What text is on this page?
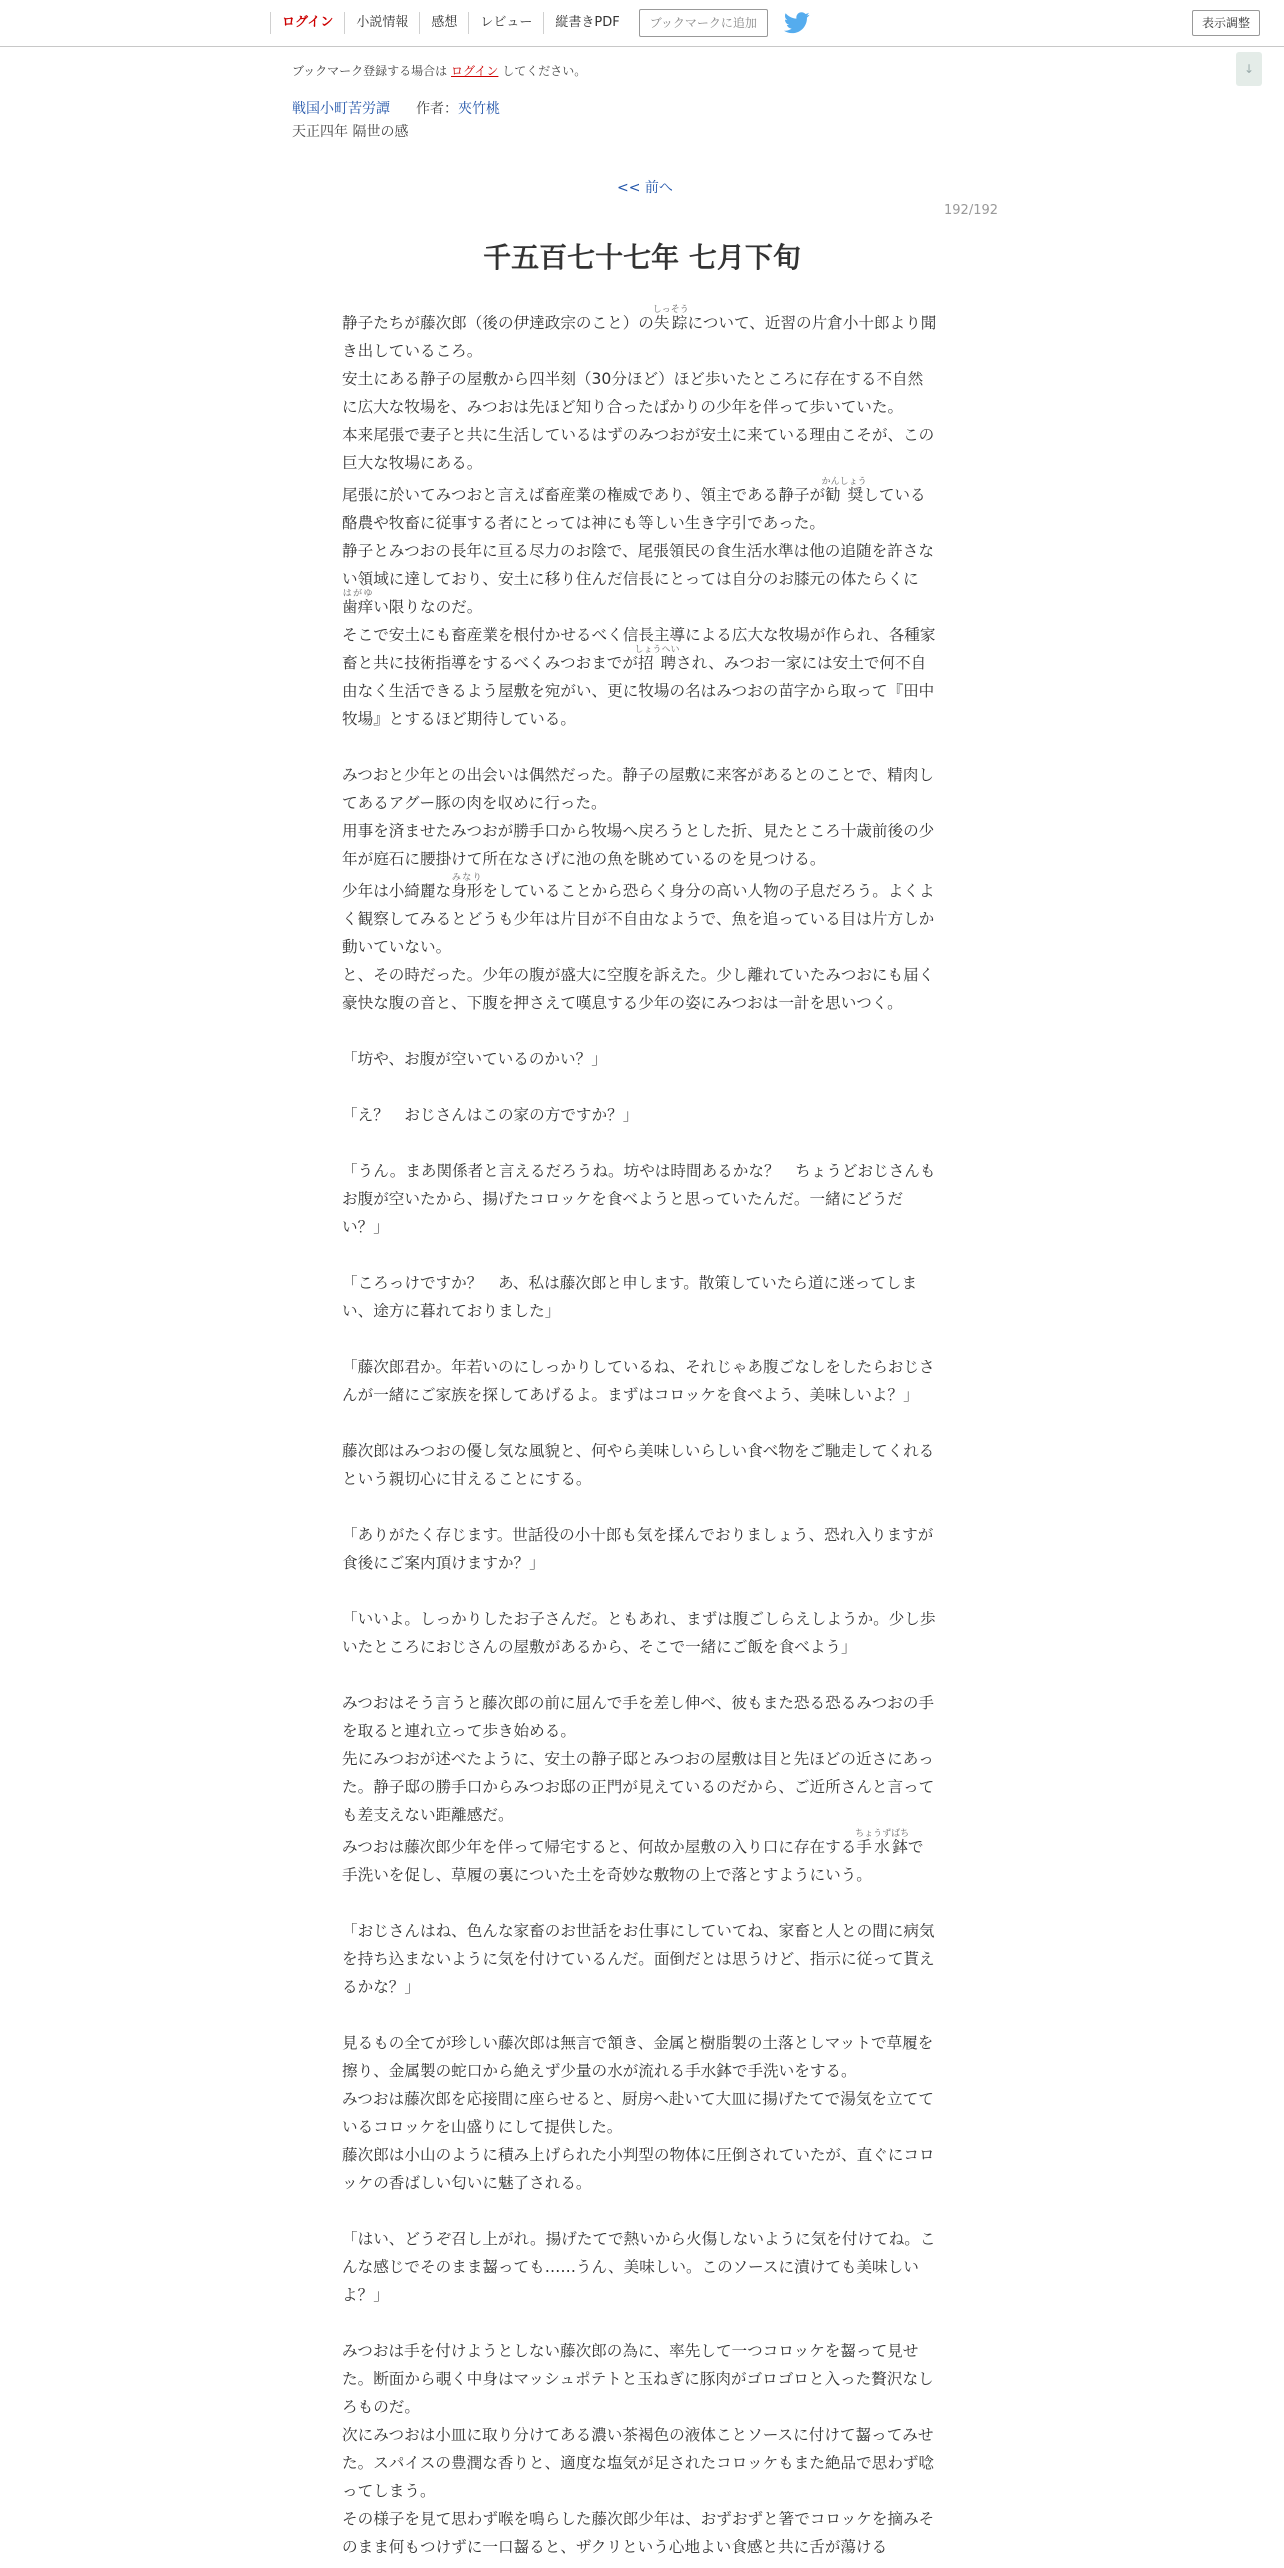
ログイン	小説情報	感想	レビュー	縦書きPDF	ブックマークに追加	表示調整
↓
ブックマーク登録する場合は ログイン してください。
戦国小町苦労譚 作者：夾竹桃
天正四年 隔世の感
<< 前へ
192/192
千五百七十七年 七月下旬

静子たちが藤次郎（後の伊達政宗のこと）の失踪しっそうについて、近習の片倉小十郎より聞き出しているころ。

安土にある静子の屋敷から四半刻（30分ほど）ほど歩いたところに存在する不自然に広大な牧場を、みつおは先ほど知り合ったばかりの少年を伴って歩いていた。

本来尾張で妻子と共に生活しているはずのみつおが安土に来ている理由こそが、この巨大な牧場にある。

尾張に於いてみつおと言えば畜産業の権威であり、領主である静子が勧奨かんしょうしている酪農や牧畜に従事する者にとっては神にも等しい生き字引であった。

静子とみつおの長年に亘る尽力のお陰で、尾張領民の食生活水準は他の追随を許さない領域に達しており、安土に移り住んだ信長にとっては自分のお膝元の体たらくに歯痒はがゆい限りなのだ。

そこで安土にも畜産業を根付かせるべく信長主導による広大な牧場が作られ、各種家畜と共に技術指導をするべくみつおまでが招聘しょうへいされ、みつお一家には安土で何不自由なく生活できるよう屋敷を宛がい、更に牧場の名はみつおの苗字から取って『田中牧場』とするほど期待している。

みつおと少年との出会いは偶然だった。静子の屋敷に来客があるとのことで、精肉してあるアグー豚の肉を収めに行った。

用事を済ませたみつおが勝手口から牧場へ戻ろうとした折、見たところ十歳前後の少年が庭石に腰掛けて所在なさげに池の魚を眺めているのを見つける。

少年は小綺麗な身形みなりをしていることから恐らく身分の高い人物の子息だろう。よくよく観察してみるとどうも少年は片目が不自由なようで、魚を追っている目は片方しか動いていない。

と、その時だった。少年の腹が盛大に空腹を訴えた。少し離れていたみつおにも届く豪快な腹の音と、下腹を押さえて嘆息する少年の姿にみつおは一計を思いつく。

「坊や、お腹が空いているのかい？」

「え？　おじさんはこの家の方ですか？」

「うん。まあ関係者と言えるだろうね。坊やは時間あるかな？　ちょうどおじさんもお腹が空いたから、揚げたコロッケを食べようと思っていたんだ。一緒にどうだい？」

「ころっけですか？　あ、私は藤次郎と申します。散策していたら道に迷ってしまい、途方に暮れておりました」

「藤次郎君か。年若いのにしっかりしているね、それじゃあ腹ごなしをしたらおじさんが一緒にご家族を探してあげるよ。まずはコロッケを食べよう、美味しいよ？」

藤次郎はみつおの優し気な風貌と、何やら美味しいらしい食べ物をご馳走してくれるという親切心に甘えることにする。

「ありがたく存じます。世話役の小十郎も気を揉んでおりましょう、恐れ入りますが食後にご案内頂けますか？」

「いいよ。しっかりしたお子さんだ。ともあれ、まずは腹ごしらえしようか。少し歩いたところにおじさんの屋敷があるから、そこで一緒にご飯を食べよう」

みつおはそう言うと藤次郎の前に屈んで手を差し伸べ、彼もまた恐る恐るみつおの手を取ると連れ立って歩き始める。

先にみつおが述べたように、安土の静子邸とみつおの屋敷は目と先ほどの近さにあった。静子邸の勝手口からみつお邸の正門が見えているのだから、ご近所さんと言っても差支えない距離感だ。

みつおは藤次郎少年を伴って帰宅すると、何故か屋敷の入り口に存在する手水鉢ちょうずばちで手洗いを促し、草履の裏についた土を奇妙な敷物の上で落とすようにいう。

「おじさんはね、色んな家畜のお世話をお仕事にしていてね、家畜と人との間に病気を持ち込まないように気を付けているんだ。面倒だとは思うけど、指示に従って貰えるかな？」

見るもの全てが珍しい藤次郎は無言で頷き、金属と樹脂製の土落としマットで草履を擦り、金属製の蛇口から絶えず少量の水が流れる手水鉢で手洗いをする。

みつおは藤次郎を応接間に座らせると、厨房へ赴いて大皿に揚げたてで湯気を立てているコロッケを山盛りにして提供した。

藤次郎は小山のように積み上げられた小判型の物体に圧倒されていたが、直ぐにコロッケの香ばしい匂いに魅了される。

「はい、どうぞ召し上がれ。揚げたてで熱いから火傷しないように気を付けてね。こんな感じでそのまま齧っても……うん、美味しい。このソースに漬けても美味しいよ？」

みつおは手を付けようとしない藤次郎の為に、率先して一つコロッケを齧って見せた。断面から覗く中身はマッシュポテトと玉ねぎに豚肉がゴロゴロと入った贅沢なしろものだ。

次にみつおは小皿に取り分けてある濃い茶褐色の液体ことソースに付けて齧ってみせた。スパイスの豊潤な香りと、適度な塩気が足されたコロッケもまた絶品で思わず唸ってしまう。

その様子を見て思わず喉を鳴らした藤次郎少年は、おずおずと箸でコロッケを摘みそのまま何もつけずに一口齧ると、ザクリという心地よい食感と共に舌が蕩ける
